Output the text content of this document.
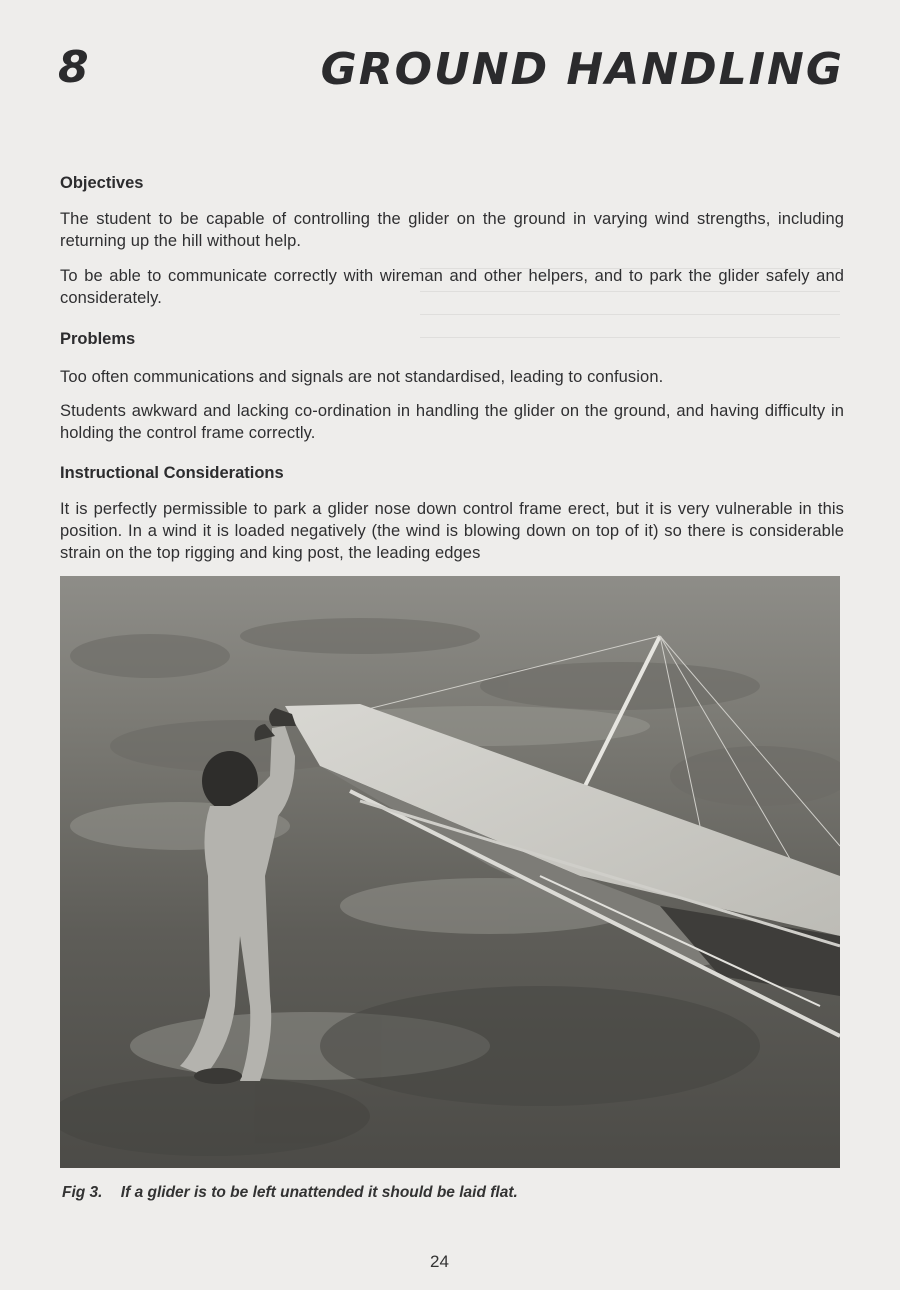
8	GROUND HANDLING
Objectives
The student to be capable of controlling the glider on the ground in varying wind strengths, including returning up the hill without help.
To be able to communicate correctly with wireman and other helpers, and to park the glider safely and considerately.
Problems
Too often communications and signals are not standardised, leading to confusion.
Students awkward and lacking co-ordination in handling the glider on the ground, and having difficulty in holding the control frame correctly.
Instructional Considerations
It is perfectly permissible to park a glider nose down control frame erect, but it is very vulnerable in this position. In a wind it is loaded negatively (the wind is blowing down on top of it) so there is considerable strain on the top rigging and king post, the leading edges
Fig 3. If a glider is to be left unattended it should be laid flat.
24
